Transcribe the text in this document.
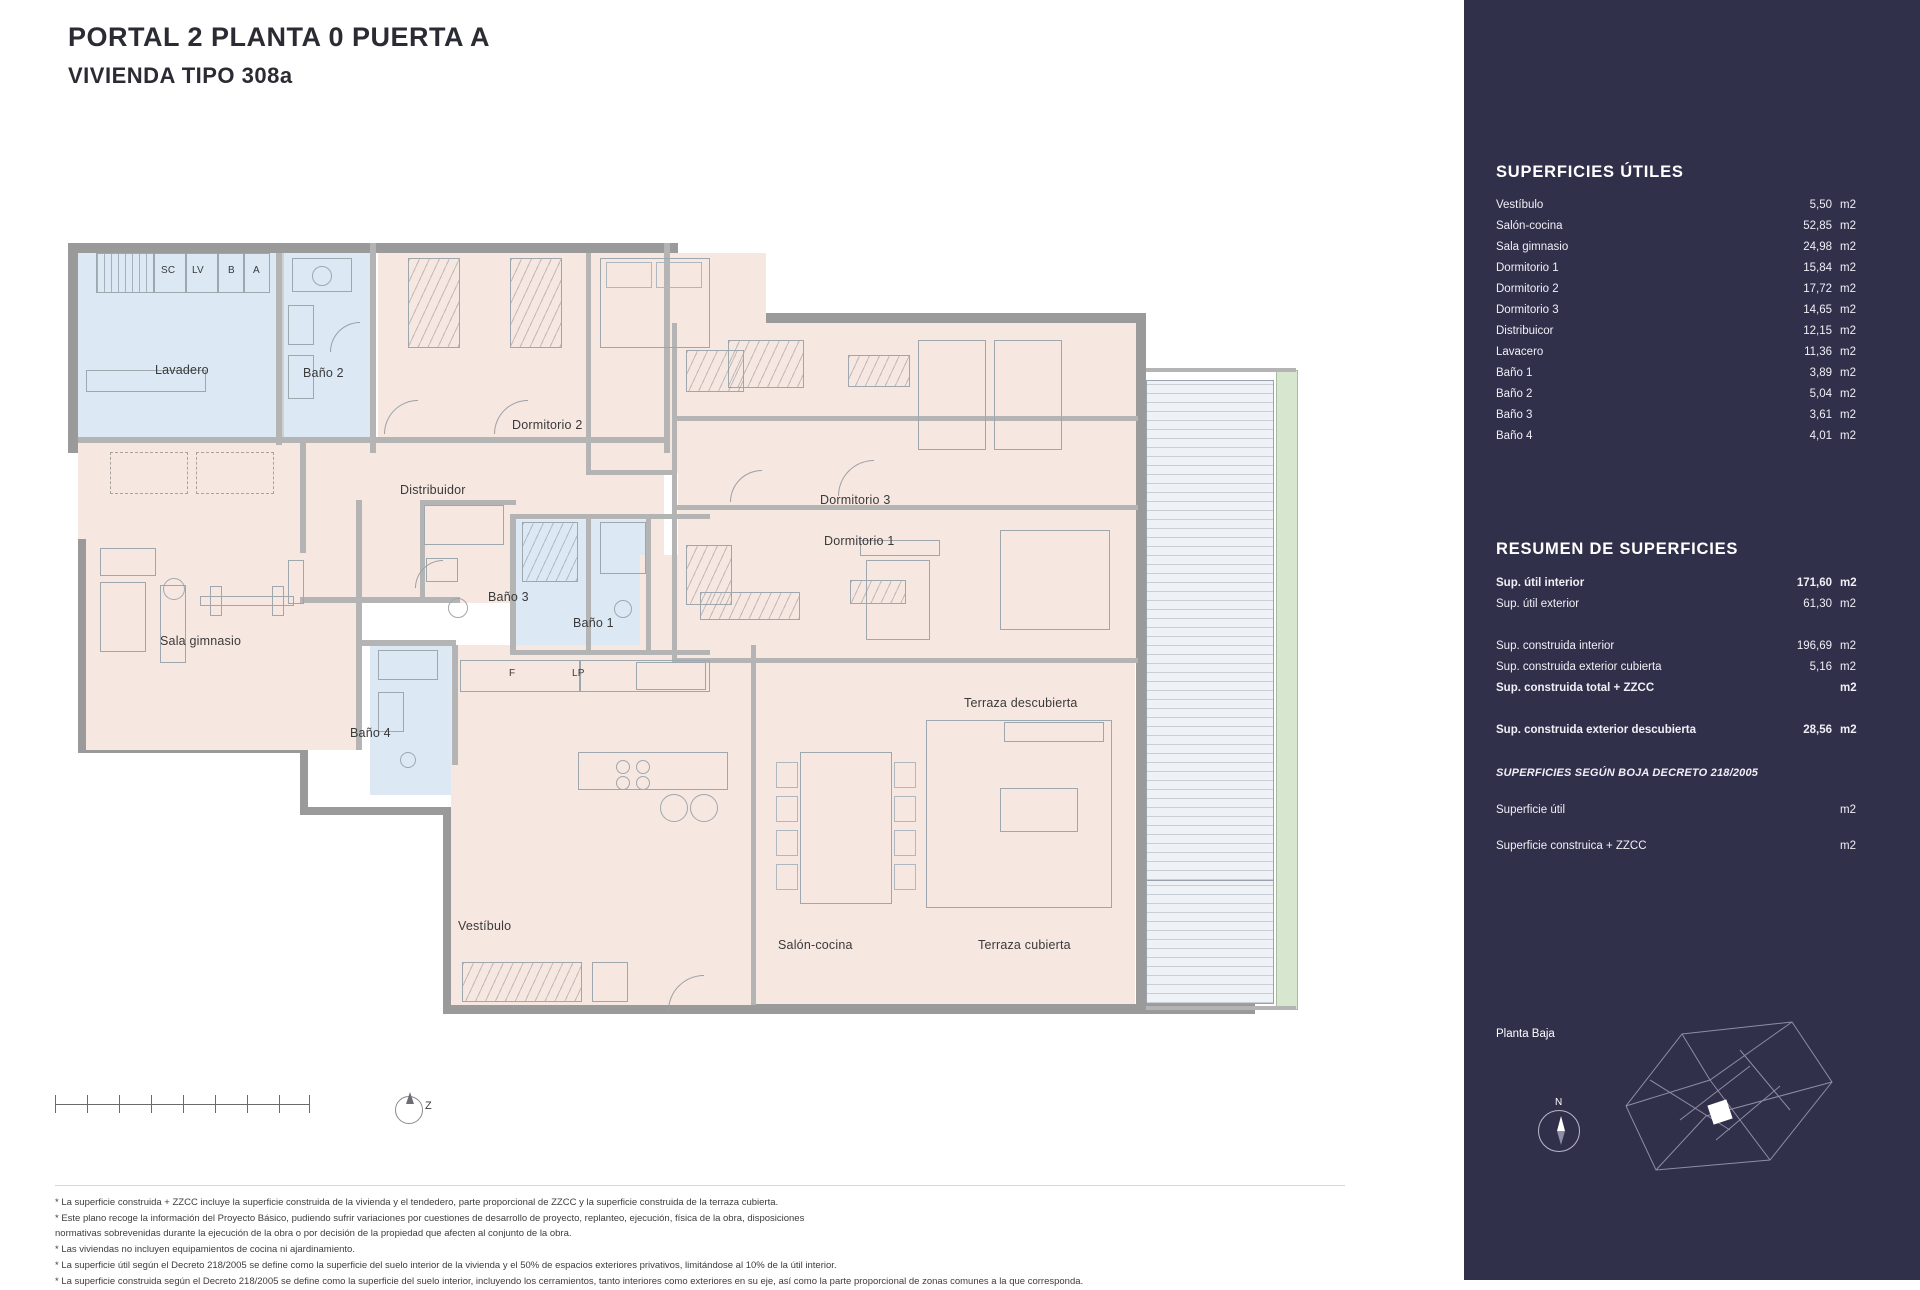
PORTAL 2 PLANTA 0 PUERTA A
VIVIENDA TIPO 308a
SC LV B A
F	LP
Lavadero	Baño 2
Dormitorio 2
Distribuidor
Dormitorio 3
Dormitorio 1
Sala gimnasio
Baño 3
Baño 1
Baño 4
Vestíbulo
Salón-cocina
Terraza descubierta
Terraza cubierta
Z

* La superficie construida + ZZCC incluye la superficie construida de la vivienda y el tendedero, parte proporcional de ZZCC y la superficie construida de la terraza cubierta.

* Este plano recoge la información del Proyecto Básico, pudiendo sufrir variaciones por cuestiones de desarrollo de proyecto, replanteo, ejecución, física de la obra, disposiciones

normativas sobrevenidas durante la ejecución de la obra o por decisión de la propiedad que afecten al conjunto de la obra.

* Las viviendas no incluyen equipamientos de cocina ni ajardinamiento.

* La superficie útil según el Decreto 218/2005 se define como la superficie del suelo interior de la vivienda y el 50% de espacios exteriores privativos, limitándose al 10% de la útil interior.

* La superficie construida según el Decreto 218/2005 se define como la superficie del suelo interior, incluyendo los cerramientos, tanto interiores como exteriores en su eje, así como la parte proporcional de zonas comunes a la que corresponda.

SUPERFICIES ÚTILES
Vestíbulo	5,50 m2
Salón-cocina	52,85 m2
Sala gimnasio	24,98 m2
Dormitorio 1	15,84 m2
Dormitorio 2	17,72 m2
Dormitorio 3	14,65 m2
Distribuicor	12,15 m2
Lavacero	11,36 m2
Baño 1	3,89 m2
Baño 2	5,04 m2
Baño 3	3,61 m2
Baño 4	4,01 m2
RESUMEN DE SUPERFICIES
Sup. útil interior	171,60 m2
Sup. útil exterior	61,30 m2
Sup. construida interior	196,69 m2
Sup. construida exterior cubierta	5,16 m2
Sup. construida total + ZZCC	m2
Sup. construida exterior descubierta	28,56 m2
SUPERFICIES SEGÚN BOJA DECRETO 218/2005
Superficie útil	m2
Superficie construica + ZZCC	m2
Planta Baja
N
